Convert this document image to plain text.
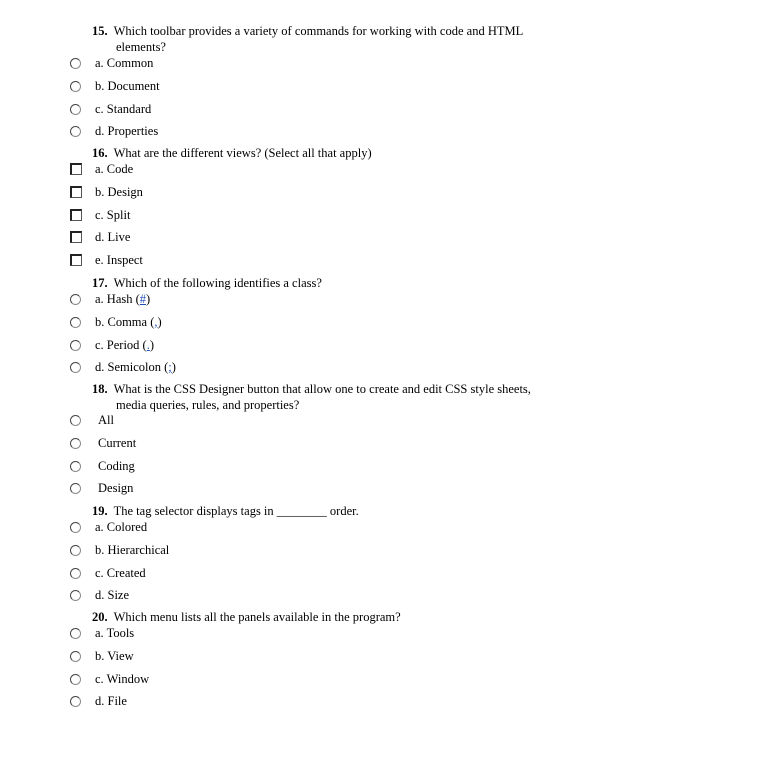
15. Which toolbar provides a variety of commands for working with code and HTML
elements?
a. Common
b. Document
c. Standard
d. Properties
16. What are the different views? (Select all that apply)
a. Code
b. Design
c. Split
d. Live
e. Inspect
17. Which of the following identifies a class?
a. Hash (#)
b. Comma (,)
c. Period (.)
d. Semicolon (;)
18. What is the CSS Designer button that allow one to create and edit CSS style sheets,
media queries, rules, and properties?
All
Current
Coding
Design
19. The tag selector displays tags in ________ order.
a. Colored
b. Hierarchical
c. Created
d. Size
20. Which menu lists all the panels available in the program?
a. Tools
b. View
c. Window
d. File
